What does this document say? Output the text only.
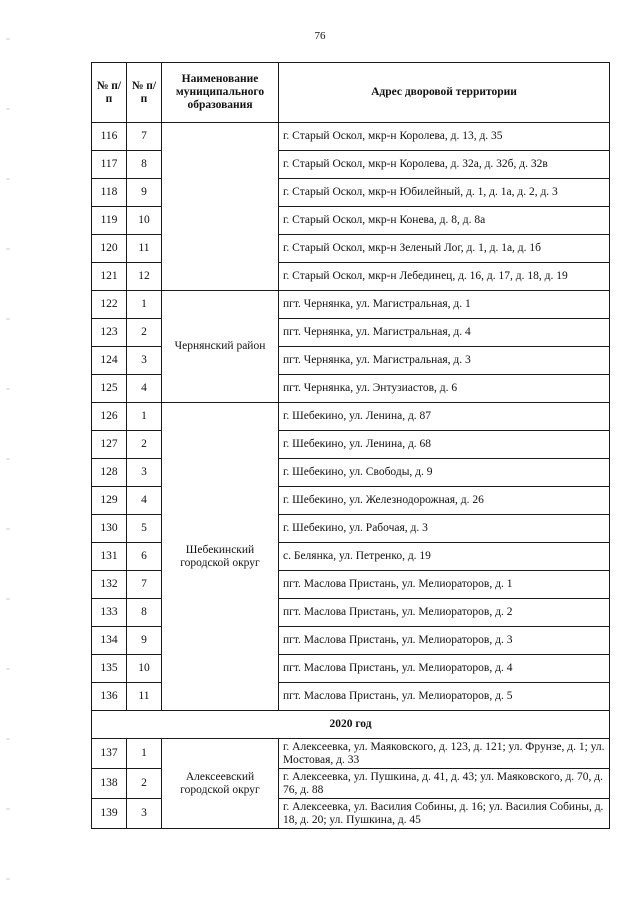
76
№ п/п	№ п/п	Наименование муниципального образования	Адрес дворовой территории
116	7		г. Старый Оскол, мкр-н Королева, д. 13, д. 35
117	8		г. Старый Оскол, мкр-н Королева, д. 32а, д. 32б, д. 32в
118	9		г. Старый Оскол, мкр-н Юбилейный, д. 1, д. 1а, д. 2, д. 3
119	10		г. Старый Оскол, мкр-н Конева, д. 8, д. 8а
120	11		г. Старый Оскол, мкр-н Зеленый Лог, д. 1, д. 1а, д. 1б
121	12		г. Старый Оскол, мкр-н Лебединец, д. 16, д. 17, д. 18, д. 19
122	1	Чернянский район	пгт. Чернянка, ул. Магистральная, д. 1
123	2		пгт. Чернянка, ул. Магистральная, д. 4
124	3		пгт. Чернянка, ул. Магистральная, д. 3
125	4		пгт. Чернянка, ул. Энтузиастов, д. 6
126	1	Шебекинский городской округ	г. Шебекино, ул. Ленина, д. 87
127	2		г. Шебекино, ул. Ленина, д. 68
128	3		г. Шебекино, ул. Свободы, д. 9
129	4		г. Шебекино, ул. Железнодорожная, д. 26
130	5		г. Шебекино, ул. Рабочая, д. 3
131	6		с. Белянка, ул. Петренко, д. 19
132	7		пгт. Маслова Пристань, ул. Мелиораторов, д. 1
133	8		пгт. Маслова Пристань, ул. Мелиораторов, д. 2
134	9		пгт. Маслова Пристань, ул. Мелиораторов, д. 3
135	10		пгт. Маслова Пристань, ул. Мелиораторов, д. 4
136	11		пгт. Маслова Пристань, ул. Мелиораторов, д. 5
2020 год			
137	1	Алексеевский городской округ	г. Алексеевка, ул. Маяковского, д. 123, д. 121; ул. Фрунзе, д. 1; ул. Мостовая, д. 33
138	2		г. Алексеевка, ул. Пушкина, д. 41, д. 43; ул. Маяковского, д. 70, д. 76, д. 88
139	3		г. Алексеевка, ул. Василия Собины, д. 16; ул. Василия Собины, д. 18, д. 20; ул. Пушкина, д. 45
